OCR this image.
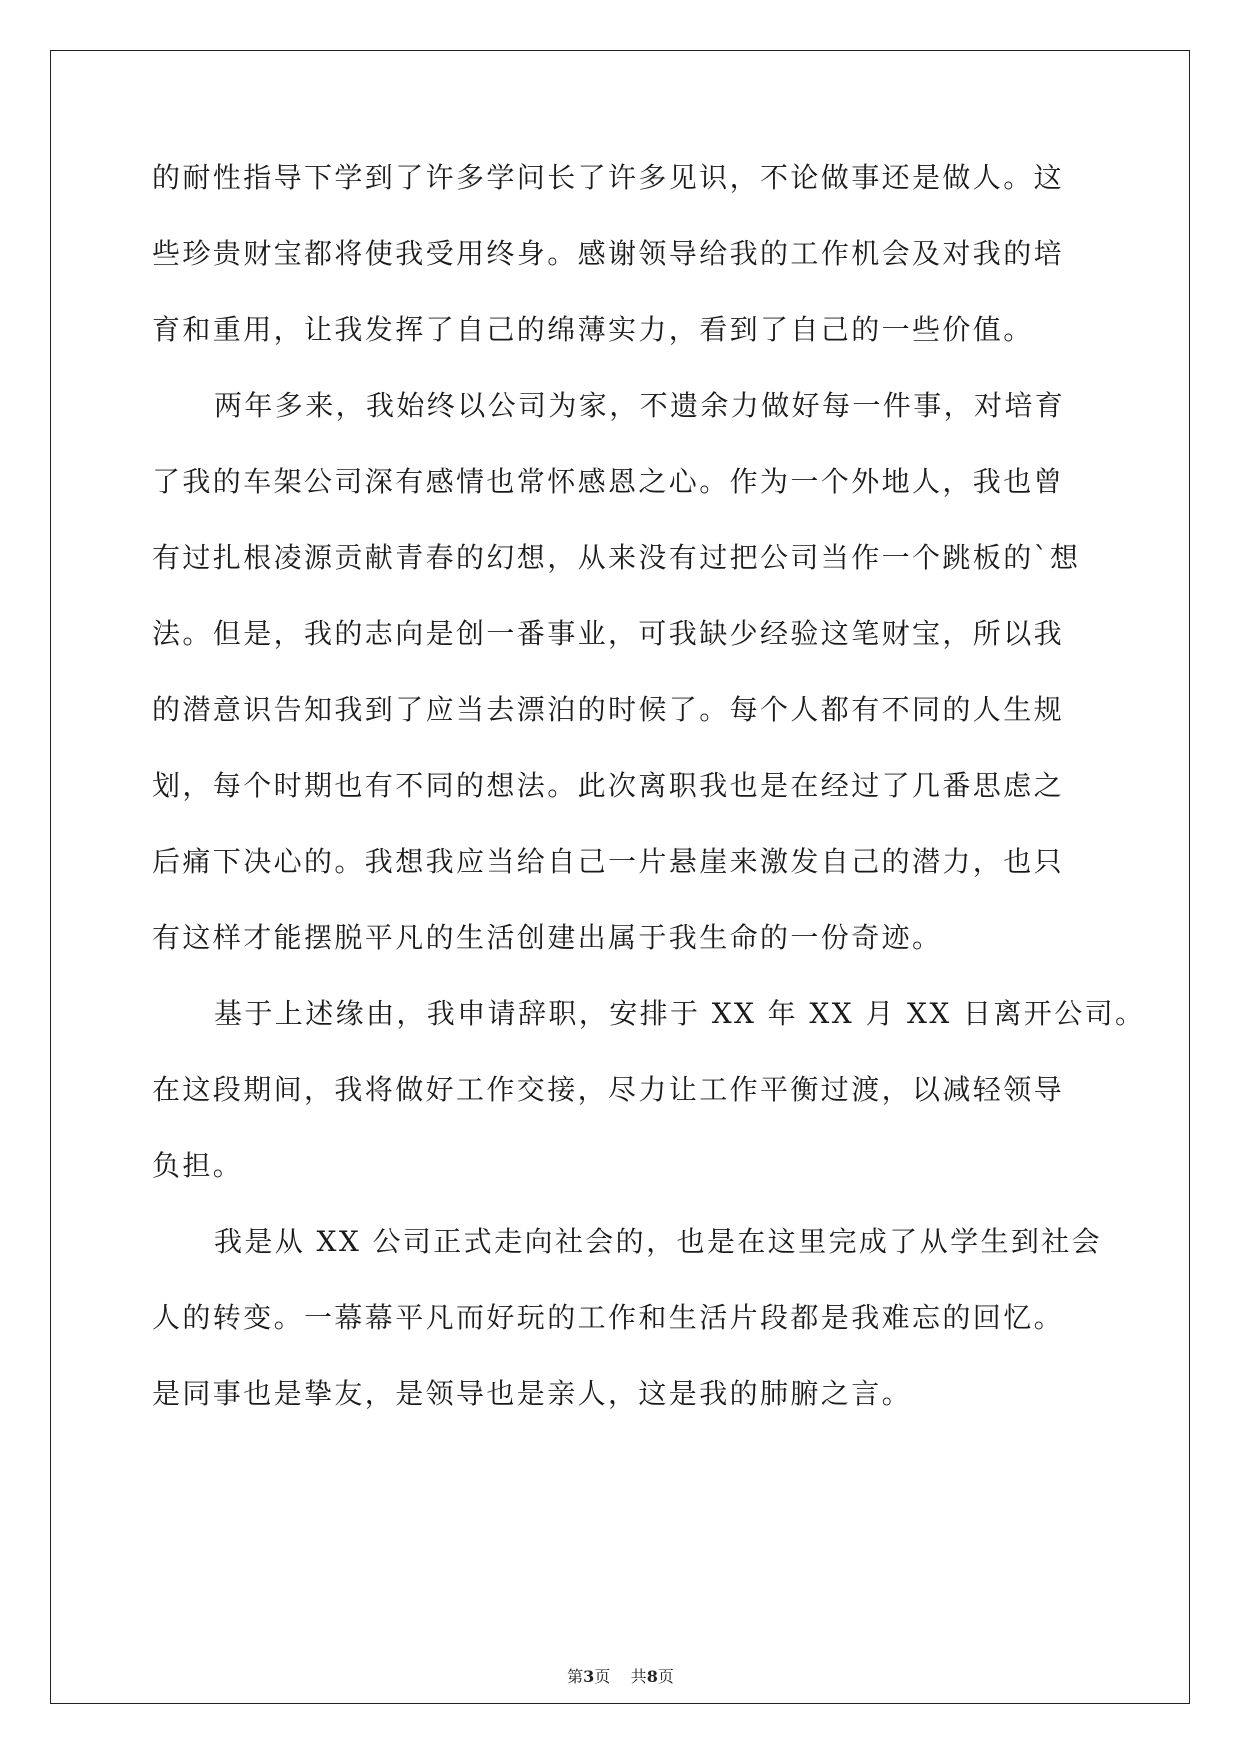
的耐性指导下学到了许多学问长了许多见识，不论做事还是做人。这
些珍贵财宝都将使我受用终身。感谢领导给我的工作机会及对我的培
育和重用，让我发挥了自己的绵薄实力，看到了自己的一些价值。
两年多来，我始终以公司为家，不遗余力做好每一件事，对培育
了我的车架公司深有感情也常怀感恩之心。作为一个外地人，我也曾
有过扎根凌源贡献青春的幻想，从来没有过把公司当作一个跳板的`想
法。但是，我的志向是创一番事业，可我缺少经验这笔财宝，所以我
的潜意识告知我到了应当去漂泊的时候了。每个人都有不同的人生规
划，每个时期也有不同的想法。此次离职我也是在经过了几番思虑之
后痛下决心的。我想我应当给自己一片悬崖来激发自己的潜力，也只
有这样才能摆脱平凡的生活创建出属于我生命的一份奇迹。
基于上述缘由，我申请辞职，安排于 XX 年 XX 月 XX 日离开公司。
在这段期间，我将做好工作交接，尽力让工作平衡过渡，以减轻领导
负担。
我是从 XX 公司正式走向社会的，也是在这里完成了从学生到社会
人的转变。一幕幕平凡而好玩的工作和生活片段都是我难忘的回忆。
是同事也是挚友，是领导也是亲人，这是我的肺腑之言。
第3页 共8页
